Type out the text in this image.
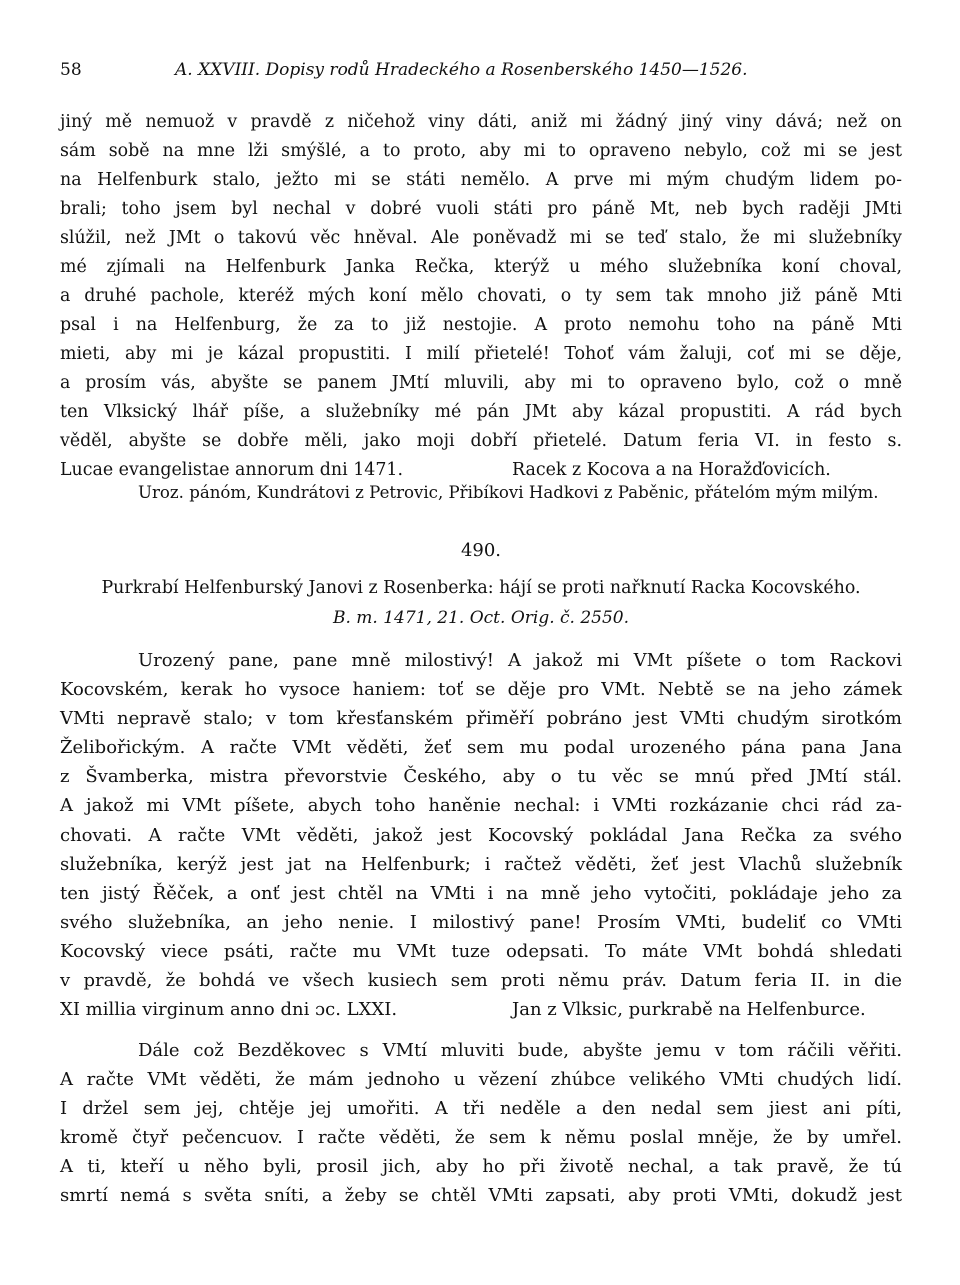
58	A. XXVIII. Dopisy rodů Hradeckého a Rosenberského 1450—1526.
jiný mě nemuož v pravdě z ničehož viny dáti, aniž mi žádný jiný viny dává; než on
sám sobě na mne lži smýšlé, a to proto, aby mi to opraveno nebylo, což mi se jest
na Helfenburk stalo, ježto mi se státi nemělo. A prve mi mým chudým lidem po-
brali; toho jsem byl nechal v dobré vuoli státi pro páně Mt, neb bych raději JMti
slúžil, než JMt o takovú věc hněval. Ale poněvadž mi se teď stalo, že mi služebníky
mé zjímali na Helfenburk Janka Rečka, kterýž u mého služebníka koní choval,
a druhé pachole, kteréž mých koní mělo chovati, o ty sem tak mnoho již páně Mti
psal i na Helfenburg, že za to již nestojie. A proto nemohu toho na páně Mti
mieti, aby mi je kázal propustiti. I milí přietelé! Tohoť vám žaluji, coť mi se děje,
a prosím vás, abyšte se panem JMtí mluvili, aby mi to opraveno bylo, což o mně
ten Vlksický lhář píše, a služebníky mé pán JMt aby kázal propustiti. A rád bych
věděl, abyšte se dobře měli, jako moji dobří přietelé. Datum feria VI. in festo s.
Lucae evangelistae annorum dni 1471.	Racek z Kocova a na Horažďovicích.
Uroz. pánóm, Kundrátovi z Petrovic, Přibíkovi Hadkovi z Paběnic, přátelóm mým milým.
490.
Purkrabí Helfenburský Janovi z Rosenberka: hájí se proti nařknutí Racka Kocovského.
B. m. 1471, 21. Oct. Orig. č. 2550.
Urozený pane, pane mně milostivý! A jakož mi VMt píšete o tom Rackovi
Kocovském, kerak ho vysoce haniem: toť se děje pro VMt. Nebtě se na jeho zámek
VMti nepravě stalo; v tom křesťanském přiměří pobráno jest VMti chudým sirotkóm
Želibořickým. A račte VMt věděti, žeť sem mu podal urozeného pána pana Jana
z Švamberka, mistra převorstvie Českého, aby o tu věc se mnú před JMtí stál.
A jakož mi VMt píšete, abych toho haněnie nechal: i VMti rozkázanie chci rád za-
chovati. A račte VMt věděti, jakož jest Kocovský pokládal Jana Rečka za svého
služebníka, kerýž jest jat na Helfenburk; i račtež věděti, žeť jest Vlachů služebník
ten jistý Řěček, a onť jest chtěl na VMti i na mně jeho vytočiti, pokládaje jeho za
svého služebníka, an jeho nenie. I milostivý pane! Prosím VMti, budeliť co VMti
Kocovský viece psáti, račte mu VMt tuze odepsati. To máte VMt bohdá shledati
v pravdě, že bohdá ve všech kusiech sem proti němu práv. Datum feria II. in die
XI millia virginum anno dni ɔc. LXXI.	Jan z Vlksic, purkrabě na Helfenburce.
Dále což Bezděkovec s VMtí mluviti bude, abyšte jemu v tom ráčili věřiti.
A račte VMt věděti, že mám jednoho u vězení zhúbce velikého VMti chudých lidí.
I držel sem jej, chtěje jej umořiti. A tři neděle a den nedal sem jiest ani píti,
kromě čtyř pečencuov. I račte věděti, že sem k němu poslal mněje, že by umřel.
A ti, kteří u něho byli, prosil jich, aby ho při životě nechal, a tak pravě, že tú
smrtí nemá s světa sníti, a žeby se chtěl VMti zapsati, aby proti VMti, dokudž jest
